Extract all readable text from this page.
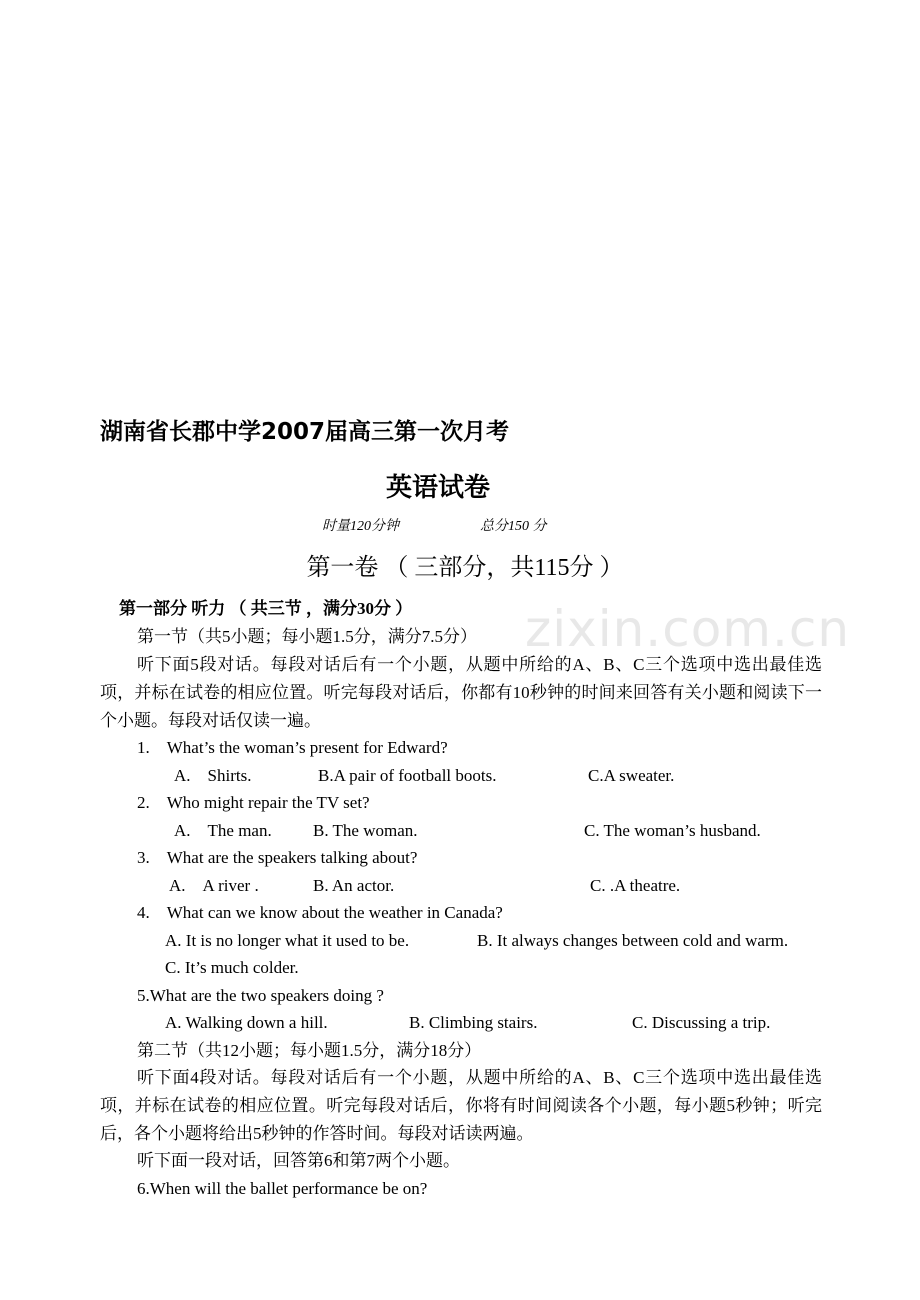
湖南省长郡中学2007届高三第一次月考
英语试卷
时量120分钟	总分150 分
第一卷 （ 三部分，共115分 ）
zixin.com.cn
第一部分 听力 （ 共三节 ，满分30分 ）
第一节（共5小题；每小题1.5分，满分7.5分）
听下面5段对话。每段对话后有一个小题，从题中所给的A、B、C三个选项中选出最佳选项，并标在试卷的相应位置。听完每段对话后，你都有10秒钟的时间来回答有关小题和阅读下一个小题。每段对话仅读一遍。
1.　What’s the woman’s present for Edward?
A.　Shirts.	B.A pair of football boots.	C.A sweater.
2.　Who might repair the TV set?
A.　The man. B. The woman.	C. The woman’s husband.
3.　What are the speakers talking about?
A.　A river .	B. An actor.	C. .A theatre.
4.　What can we know about the weather in Canada?
A. It is no longer what it used to be.	B. It always changes between cold and warm.
C. It’s much colder.
5.What are the two speakers doing ?
A. Walking down a hill.	B. Climbing stairs.	C. Discussing a trip.
第二节（共12小题；每小题1.5分，满分18分）
听下面4段对话。每段对话后有一个小题，从题中所给的A、B、C三个选项中选出最佳选项，并标在试卷的相应位置。听完每段对话后，你将有时间阅读各个小题，每小题5秒钟；听完后，各个小题将给出5秒钟的作答时间。每段对话读两遍。
听下面一段对话，回答第6和第7两个小题。
6.When will the ballet performance be on?
